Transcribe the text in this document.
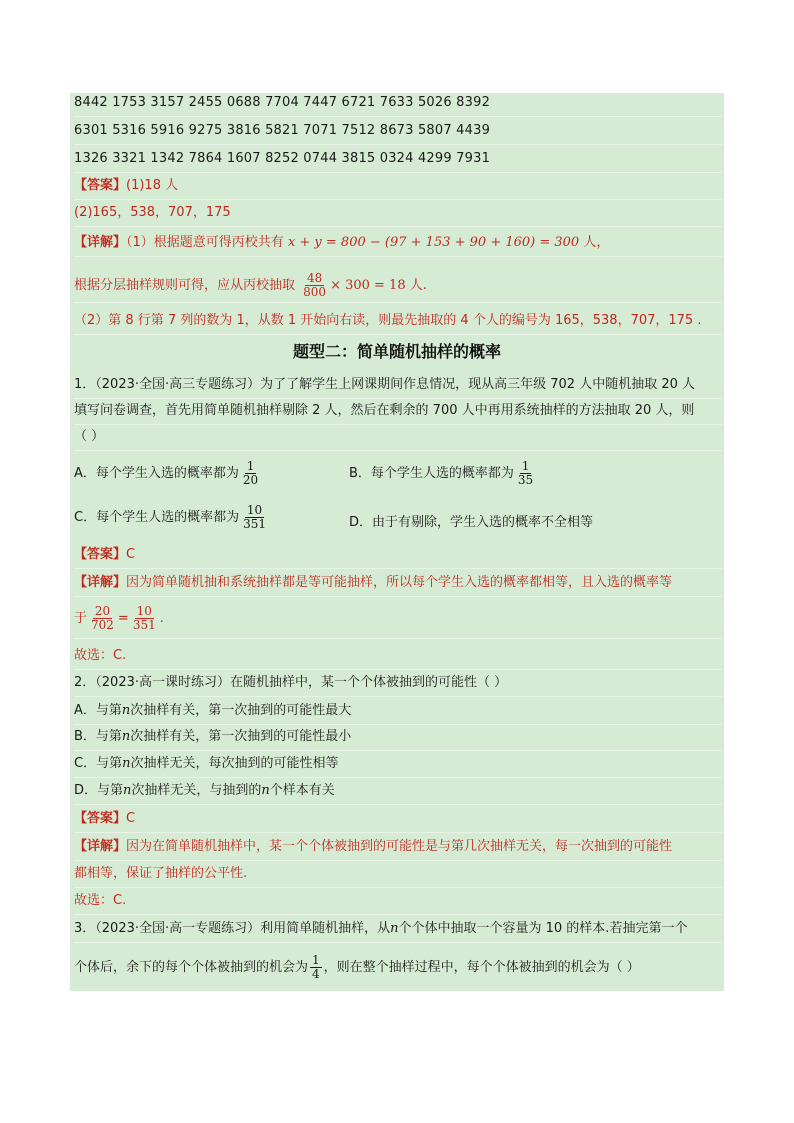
8442 1753 3157 2455 0688 7704 7447 6721 7633 5026 8392
6301 5316 5916 9275 3816 5821 7071 7512 8673 5807 4439
1326 3321 1342 7864 1607 8252 0744 3815 0324 4299 7931
【答案】(1)18 人
(2)165，538，707，175
【详解】（1）根据题意可得丙校共有 x + y = 800 − (97 + 153 + 90 + 160) = 300 人，
根据分层抽样规则可得，应从丙校抽取 $\frac{48}{800} \times 300 = 18$ 人.
（2）第 8 行第 7 列的数为 1，从数 1 开始向右读，则最先抽取的 4 个人的编号为 165，538，707，175 .
题型二：简单随机抽样的概率
1．（2023·全国·高三专题练习）为了了解学生上网课期间作息情况，现从高三年级 702 人中随机抽取 20 人
填写问卷调查，首先用简单随机抽样剔除 2 人，然后在剩余的 700 人中再用系统抽样的方法抽取 20 人，则
（ ）
A．每个学生入选的概率都为 $\frac{1}{20}$	B．每个学生人选的概率都为 $\frac{1}{35}$
C．每个学生人选的概率都为 $\frac{10}{351}$	D．由于有剔除，学生入选的概率不全相等
【答案】C
【详解】因为简单随机抽和系统抽样都是等可能抽样，所以每个学生入选的概率都相等，且入选的概率等
于 $\frac{20}{702} = \frac{10}{351}$ .
故选：C.
2．（2023·高一课时练习）在随机抽样中，某一个个体被抽到的可能性（ ）
A．与第n次抽样有关，第一次抽到的可能性最大
B．与第n次抽样有关，第一次抽到的可能性最小
C．与第n次抽样无关，每次抽到的可能性相等
D．与第n次抽样无关，与抽到的n个样本有关
【答案】C
【详解】因为在简单随机抽样中，某一个个体被抽到的可能性是与第几次抽样无关，每一次抽到的可能性
都相等，保证了抽样的公平性.
故选：C.
3．（2023·全国·高一专题练习）利用简单随机抽样，从n个个体中抽取一个容量为 10 的样本.若抽完第一个
个体后，余下的每个个体被抽到的机会为 $\frac{1}{4}$ ，则在整个抽样过程中，每个个体被抽到的机会为（ ）
